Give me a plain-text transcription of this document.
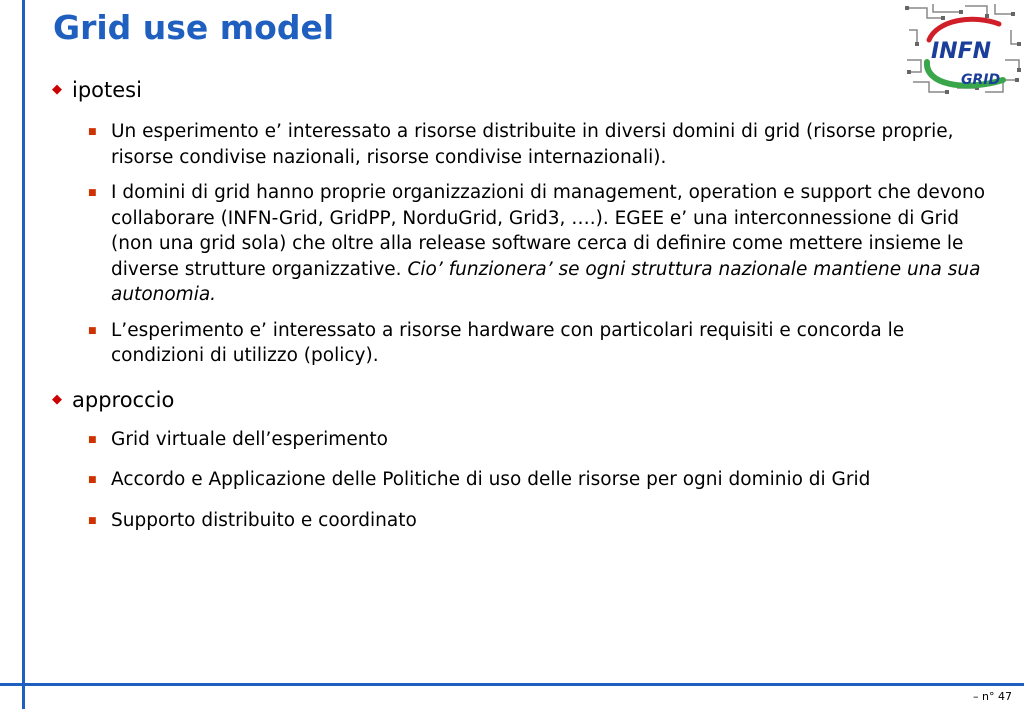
Grid use model
INFN
GRID
◆ ipotesi
■ Un esperimento e’ interessato a risorse distribuite in diversi domini di grid (risorse proprie, risorse condivise nazionali, risorse condivise internazionali).
■ I domini di grid hanno proprie organizzazioni di management, operation e support che devono collaborare (INFN-Grid, GridPP, NorduGrid, Grid3, ….). EGEE e’ una interconnessione di Grid (non una grid sola) che oltre alla release software cerca di definire come mettere insieme le diverse strutture organizzative. Cio’ funzionera’ se ogni struttura nazionale mantiene una sua autonomia.
■ L’esperimento e’ interessato a risorse hardware con particolari requisiti e concorda le condizioni di utilizzo (policy).
◆ approccio
■ Grid virtuale dell’esperimento
■ Accordo e Applicazione delle Politiche di uso delle risorse per ogni dominio di Grid
■ Supporto distribuito e coordinato
– n° 47
